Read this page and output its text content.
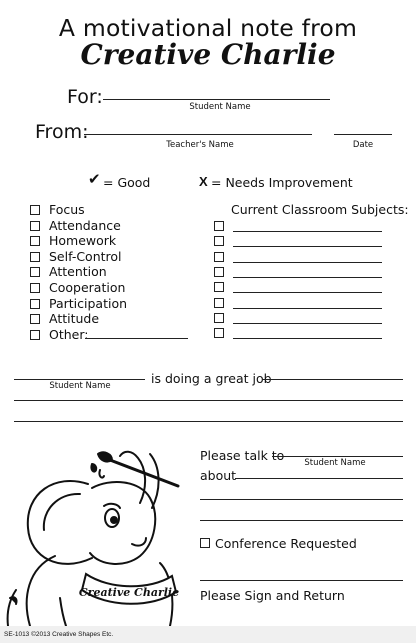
A motivational note from
Creative Charlie
For:	Student Name
From:
Teacher's Name	Date
✔ = Good	X = Needs Improvement
Focus
Attendance
Homework
Self-Control
Attention
Cooperation
Participation
Attitude
Other:
Current Classroom Subjects:
Student Name	is doing a great job
Creative Charlie
Please talk to	Student Name
about
Conference Requested
Please Sign and Return
SE-1013 ©2013 Creative Shapes Etc.
